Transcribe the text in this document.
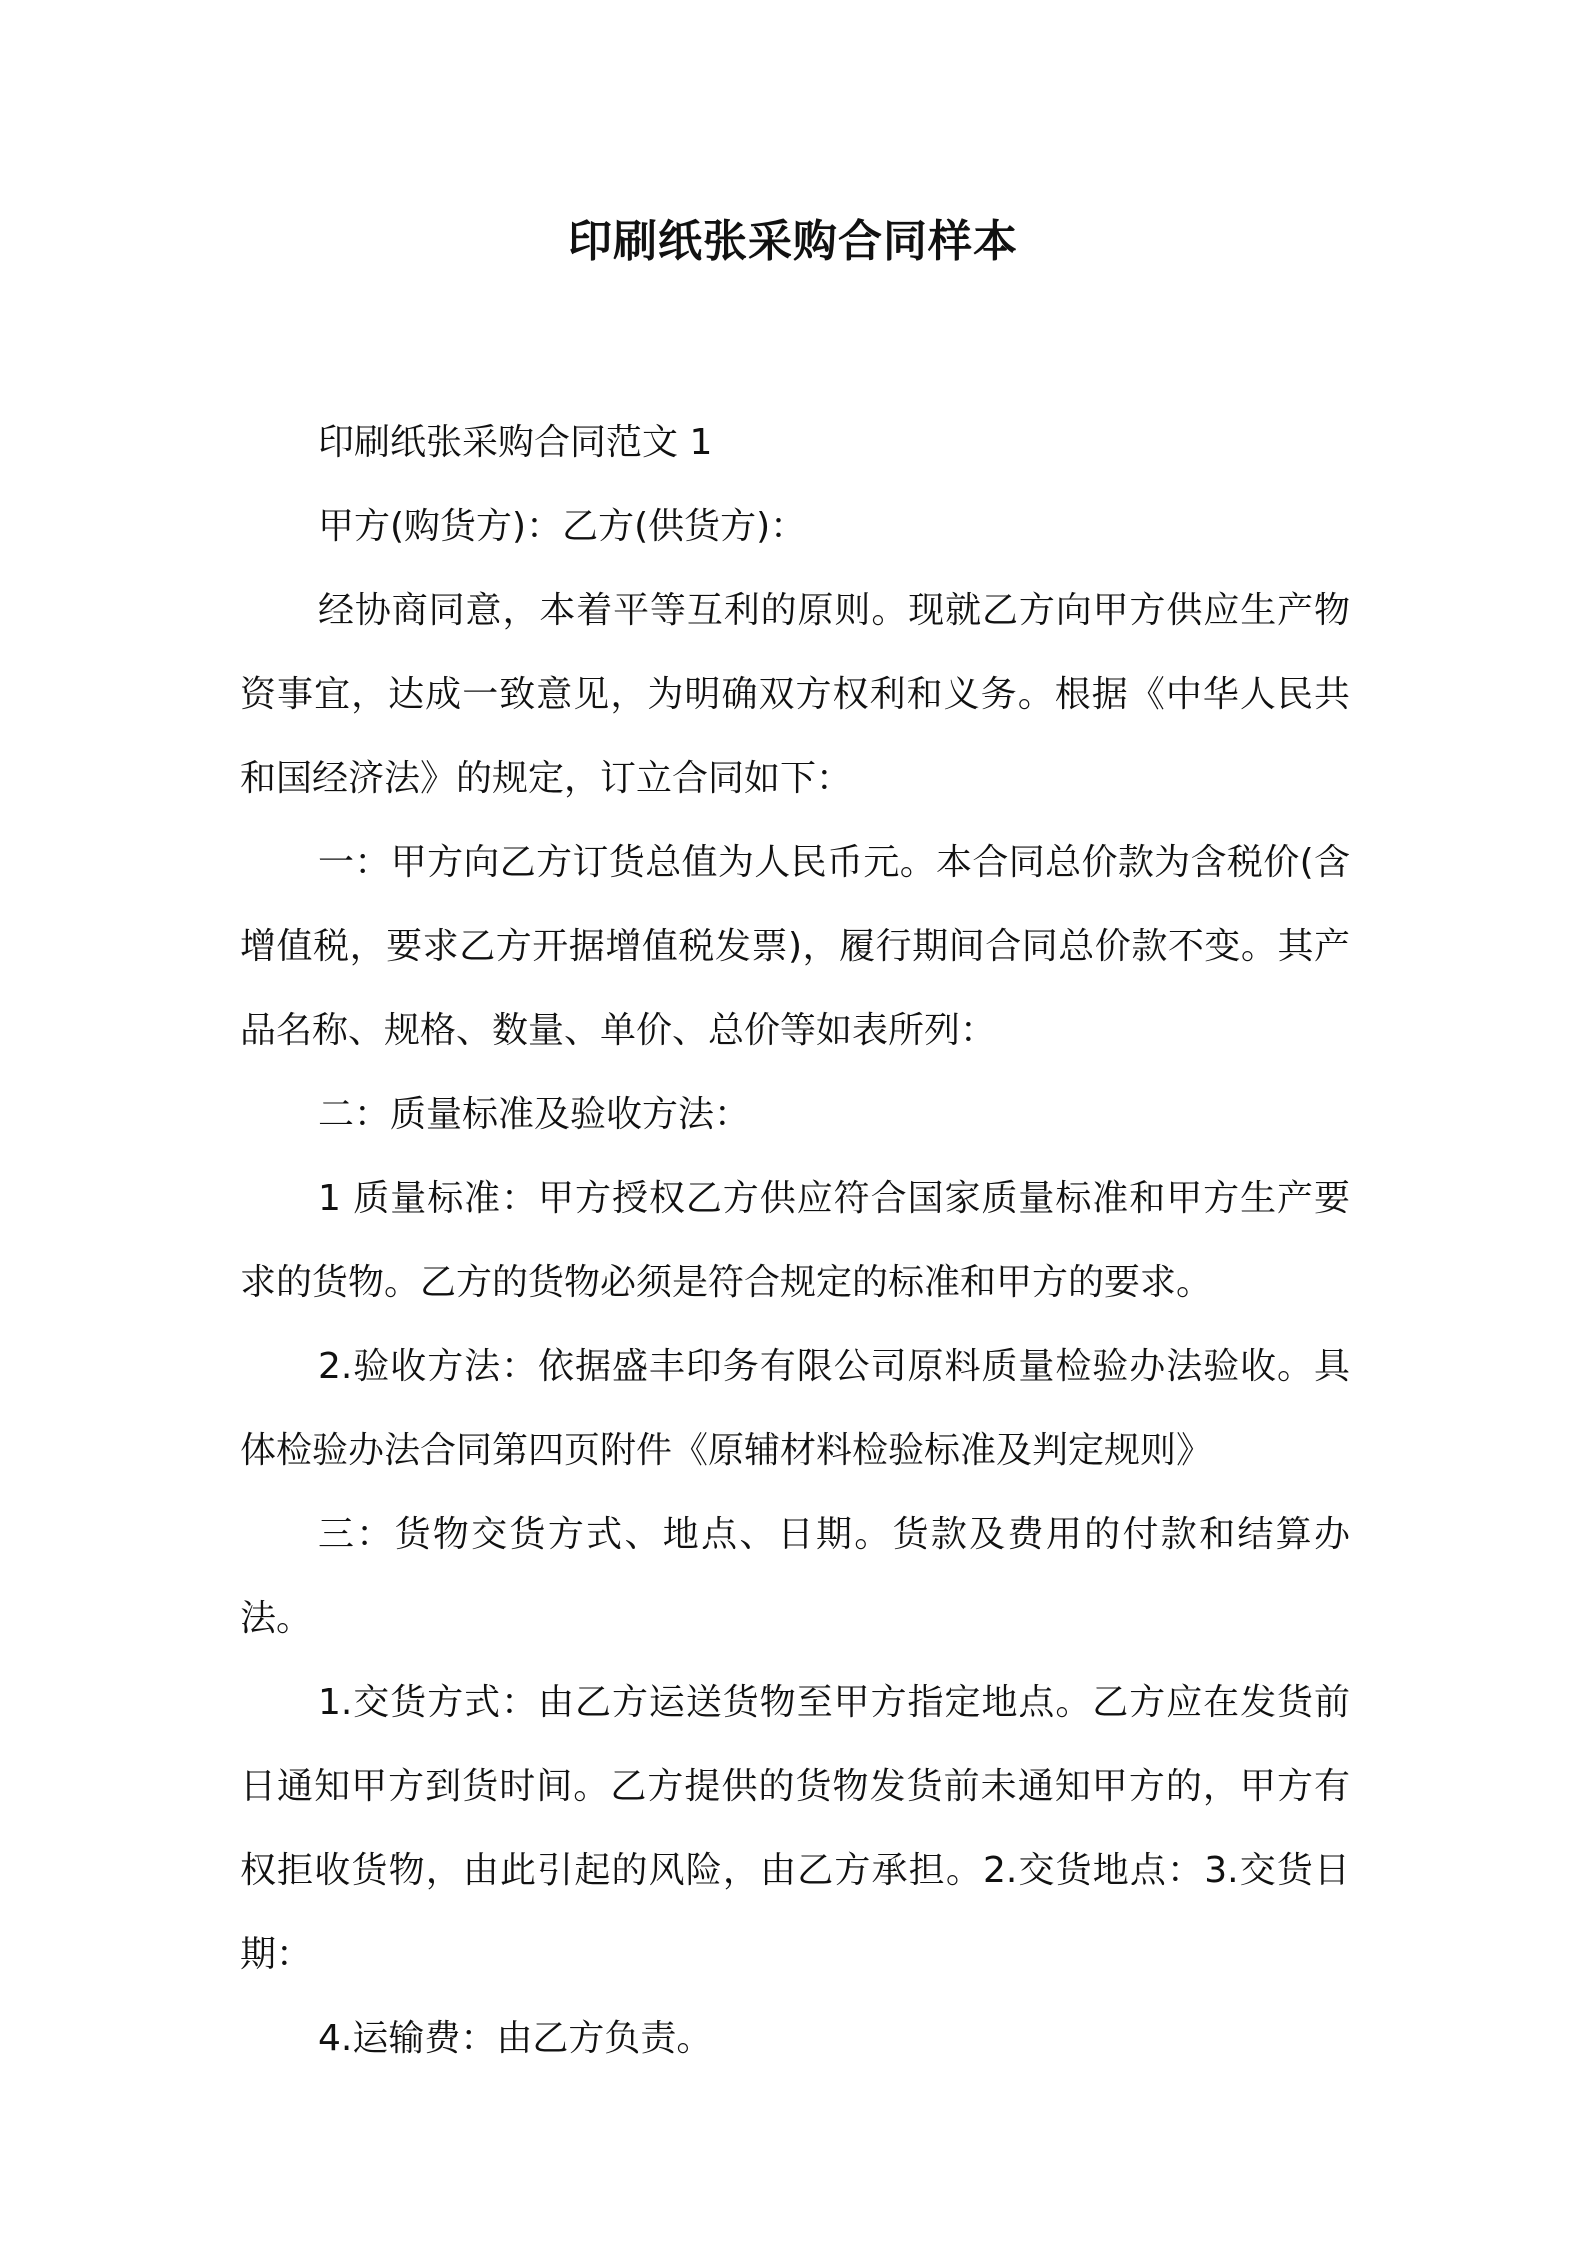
印刷纸张采购合同样本

印刷纸张采购合同范文 1

甲方(购货方)：乙方(供货方)：

经协商同意，本着平等互利的原则。现就乙方向甲方供应生产物资事宜，达成一致意见，为明确双方权利和义务。根据《中华人民共和国经济法》的规定，订立合同如下：

一：甲方向乙方订货总值为人民币元。本合同总价款为含税价(含增值税，要求乙方开据增值税发票)，履行期间合同总价款不变。其产品名称、规格、数量、单价、总价等如表所列：

二：质量标准及验收方法：

1 质量标准：甲方授权乙方供应符合国家质量标准和甲方生产要求的货物。乙方的货物必须是符合规定的标准和甲方的要求。

2.验收方法：依据盛丰印务有限公司原料质量检验办法验收。具体检验办法合同第四页附件《原辅材料检验标准及判定规则》

三：货物交货方式、地点、日期。货款及费用的付款和结算办法。

1.交货方式：由乙方运送货物至甲方指定地点。乙方应在发货前日通知甲方到货时间。乙方提供的货物发货前未通知甲方的，甲方有权拒收货物，由此引起的风险，由乙方承担。2.交货地点：3.交货日期：

4.运输费：由乙方负责。
